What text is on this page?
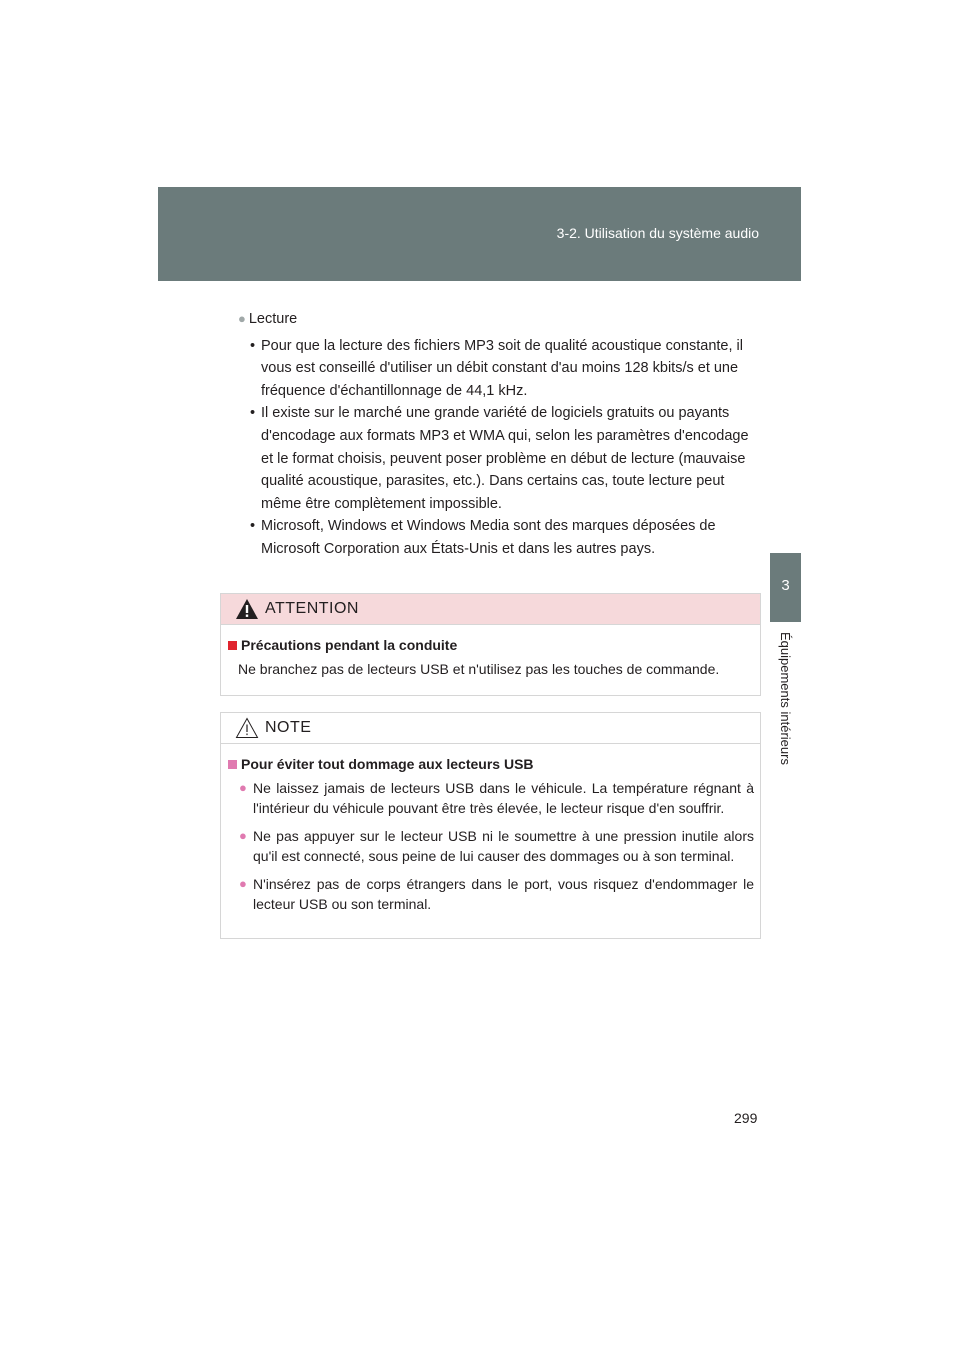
3-2. Utilisation du système audio
3
Équipements intérieurs
● Lecture
• Pour que la lecture des fichiers MP3 soit de qualité acoustique constante, il vous est conseillé d'utiliser un débit constant d'au moins 128 kbits/s et une fréquence d'échantillonnage de 44,1 kHz.
• Il existe sur le marché une grande variété de logiciels gratuits ou payants d'encodage aux formats MP3 et WMA qui, selon les paramètres d'encodage et le format choisis, peuvent poser problème en début de lecture (mauvaise qualité acoustique, parasites, etc.). Dans certains cas, toute lecture peut même être complètement impossible.
• Microsoft, Windows et Windows Media sont des marques déposées de Microsoft Corporation aux États-Unis et dans les autres pays.
ATTENTION
Précautions pendant la conduite
Ne branchez pas de lecteurs USB et n'utilisez pas les touches de commande.
NOTE
Pour éviter tout dommage aux lecteurs USB
● Ne laissez jamais de lecteurs USB dans le véhicule. La température régnant à l'intérieur du véhicule pouvant être très élevée, le lecteur risque d'en souffrir.
● Ne pas appuyer sur le lecteur USB ni le soumettre à une pression inutile alors qu'il est connecté, sous peine de lui causer des dommages ou à son terminal.
● N'insérez pas de corps étrangers dans le port, vous risquez d'endommager le lecteur USB ou son terminal.
299
